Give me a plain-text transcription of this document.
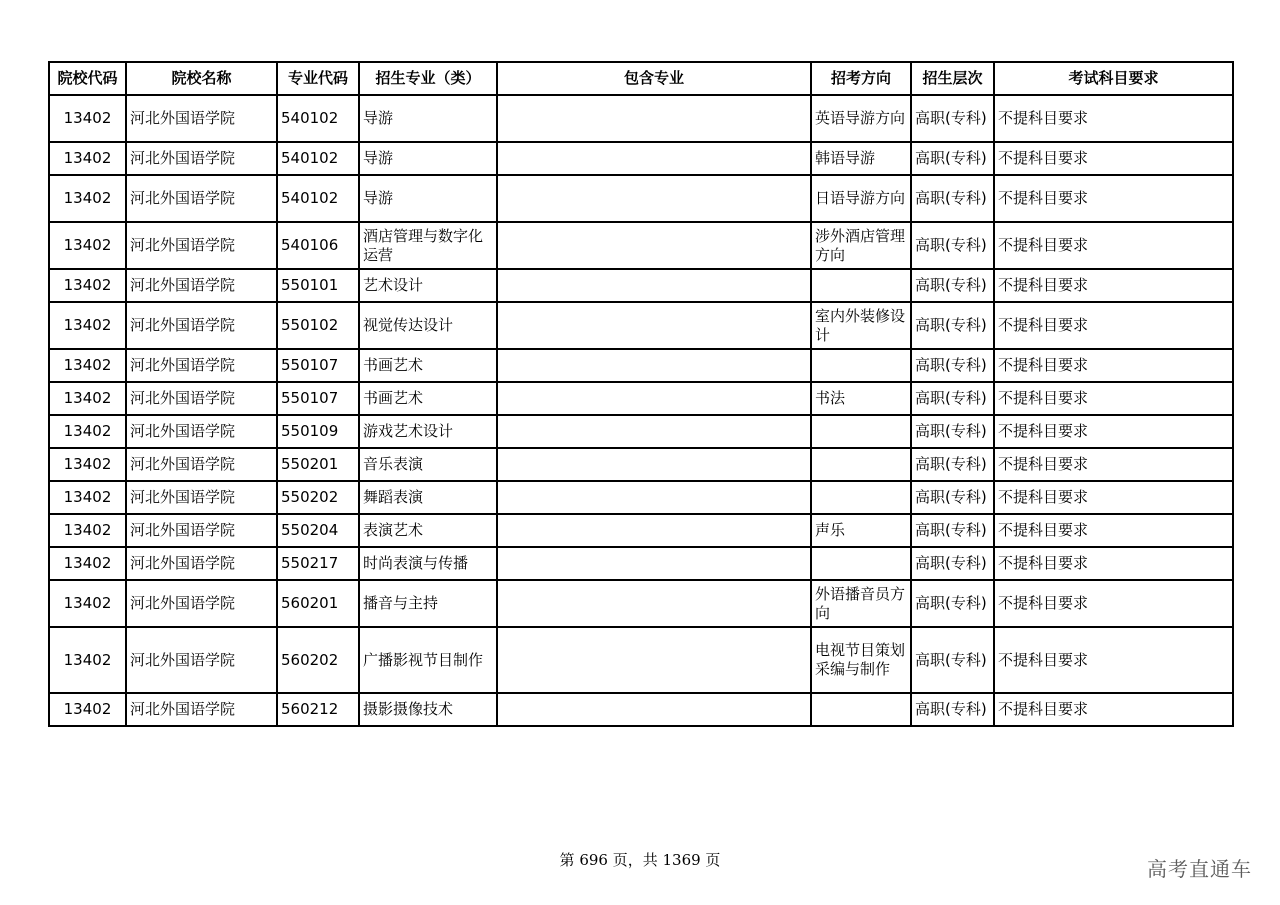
院校代码	院校名称	专业代码	招生专业（类）	包含专业	招考方向	招生层次	考试科目要求
13402	河北外国语学院	540102	导游		英语导游方向	高职(专科)	不提科目要求
13402	河北外国语学院	540102	导游		韩语导游	高职(专科)	不提科目要求
13402	河北外国语学院	540102	导游		日语导游方向	高职(专科)	不提科目要求
13402	河北外国语学院	540106	酒店管理与数字化运营		涉外酒店管理方向	高职(专科)	不提科目要求
13402	河北外国语学院	550101	艺术设计			高职(专科)	不提科目要求
13402	河北外国语学院	550102	视觉传达设计		室内外装修设计	高职(专科)	不提科目要求
13402	河北外国语学院	550107	书画艺术			高职(专科)	不提科目要求
13402	河北外国语学院	550107	书画艺术		书法	高职(专科)	不提科目要求
13402	河北外国语学院	550109	游戏艺术设计			高职(专科)	不提科目要求
13402	河北外国语学院	550201	音乐表演			高职(专科)	不提科目要求
13402	河北外国语学院	550202	舞蹈表演			高职(专科)	不提科目要求
13402	河北外国语学院	550204	表演艺术		声乐	高职(专科)	不提科目要求
13402	河北外国语学院	550217	时尚表演与传播			高职(专科)	不提科目要求
13402	河北外国语学院	560201	播音与主持		外语播音员方向	高职(专科)	不提科目要求
13402	河北外国语学院	560202	广播影视节目制作		电视节目策划采编与制作	高职(专科)	不提科目要求
13402	河北外国语学院	560212	摄影摄像技术			高职(专科)	不提科目要求
第 696 页，共 1369 页	高考直通车
